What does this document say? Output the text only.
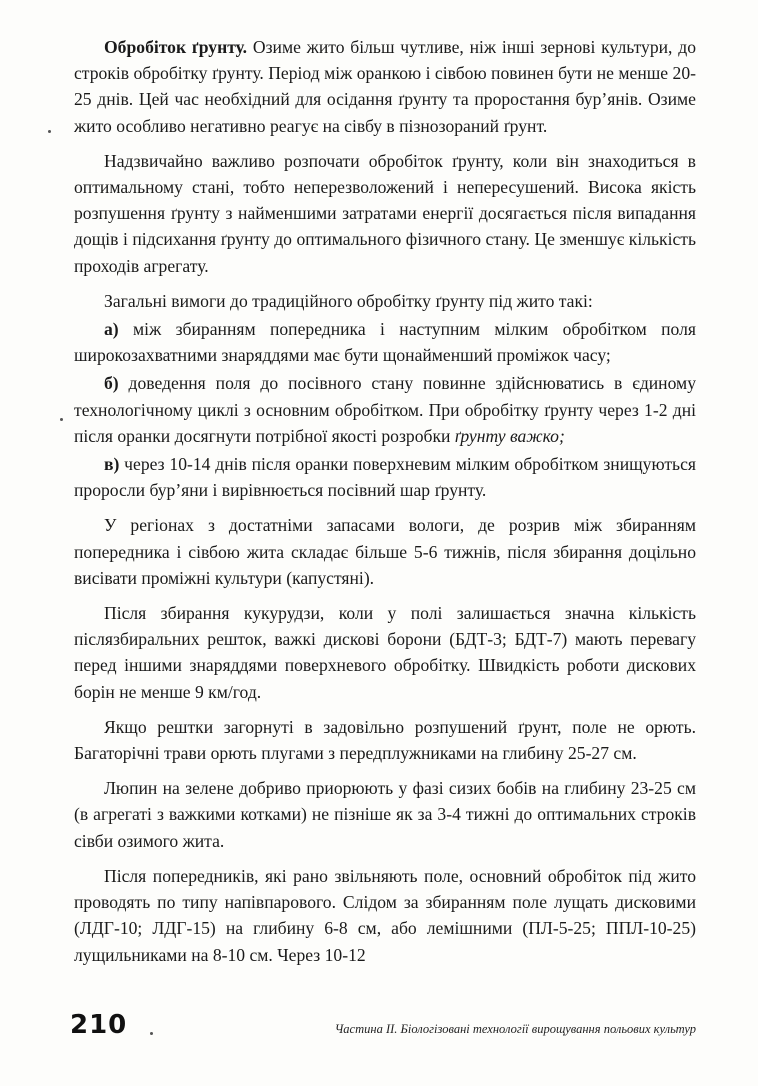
Обробіток ґрунту. Озиме жито більш чутливе, ніж інші зернові культури, до строків обробітку ґрунту. Період між оранкою і сівбою повинен бути не менше 20-25 днів. Цей час необхідний для осідання ґрунту та проростання бур’янів. Озиме жито особливо негативно реагує на сівбу в пізнозораний ґрунт.

Надзвичайно важливо розпочати обробіток ґрунту, коли він знаходиться в оптимальному стані, тобто неперезволожений і непересушений. Висока якість розпушення ґрунту з найменшими затратами енергії досягається після випадання дощів і підсихання ґрунту до оптимального фізичного стану. Це зменшує кількість проходів агрегату.

Загальні вимоги до традиційного обробітку ґрунту під жито такі:

а) між збиранням попередника і наступним мілким обробітком поля широкозахватними знаряддями має бути щонайменший проміжок часу;

б) доведення поля до посівного стану повинне здійснюватись в єдиному технологічному циклі з основним обробітком. При обробітку ґрунту через 1-2 дні після оранки досягнути потрібної якості розробки ґрунту важко;

в) через 10-14 днів після оранки поверхневим мілким обробітком знищуються проросли бур’яни і вирівнюється посівний шар ґрунту.

У регіонах з достатніми запасами вологи, де розрив між збиранням попередника і сівбою жита складає більше 5-6 тижнів, після збирання доцільно висівати проміжні культури (капустяні).

Після збирання кукурудзи, коли у полі залишається значна кількість післязбиральних решток, важкі дискові борони (БДТ-3; БДТ-7) мають перевагу перед іншими знаряддями поверхневого обробітку. Швидкість роботи дискових борін не менше 9 км/год.

Якщо рештки загорнуті в задовільно розпушений ґрунт, поле не орють. Багаторічні трави орють плугами з передплужниками на глибину 25-27 см.

Люпин на зелене добриво приорюють у фазі сизих бобів на глибину 23-25 см (в агрегаті з важкими котками) не пізніше як за 3-4 тижні до оптимальних строків сівби озимого жита.

Після попередників, які рано звільняють поле, основний обробіток під жито проводять по типу напівпарового. Слідом за збиранням поле лущать дисковими (ЛДГ-10; ЛДГ-15) на глибину 6-8 см, або лемішними (ПЛ-5-25; ППЛ-10-25) лущильниками на 8-10 см. Через 10-12

210	Частина II. Біологізовані технології вирощування польових культур
